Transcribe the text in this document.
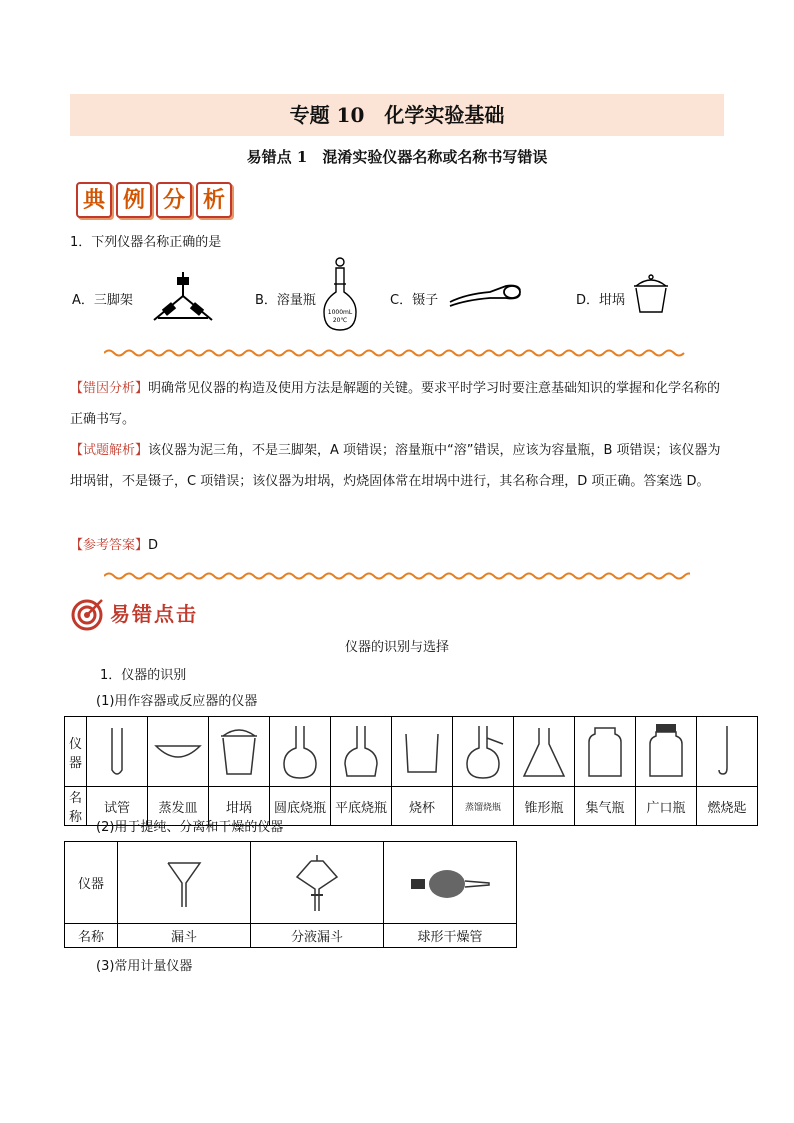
专题 10　化学实验基础
易错点 1　混淆实验仪器名称或名称书写错误
典 例 分 析
1．下列仪器名称正确的是
A．三脚架	B．溶量瓶
1000mL
20℃
C．镊子	D．坩埚
【错因分析】明确常见仪器的构造及使用方法是解题的关键。要求平时学习时要注意基础知识的掌握和化学名称的正确书写。
【试题解析】该仪器为泥三角，不是三脚架，A 项错误；溶量瓶中“溶”错误，应该为容量瓶，B 项错误；该仪器为坩埚钳，不是镊子，C 项错误；该仪器为坩埚，灼烧固体常在坩埚中进行，其名称合理，D 项正确。答案选 D。
【参考答案】D
易错点击
仪器的识别与选择
1．仪器的识别
(1)用作容器或反应器的仪器
仪器	

名称	试管	蒸发皿	坩埚	圆底烧瓶	平底烧瓶	烧杯	蒸馏烧瓶	锥形瓶	集气瓶	广口瓶	燃烧匙
(2)用于提纯、分离和干燥的仪器
仪器	

名称	漏斗	分液漏斗	球形干燥管
(3)常用计量仪器
